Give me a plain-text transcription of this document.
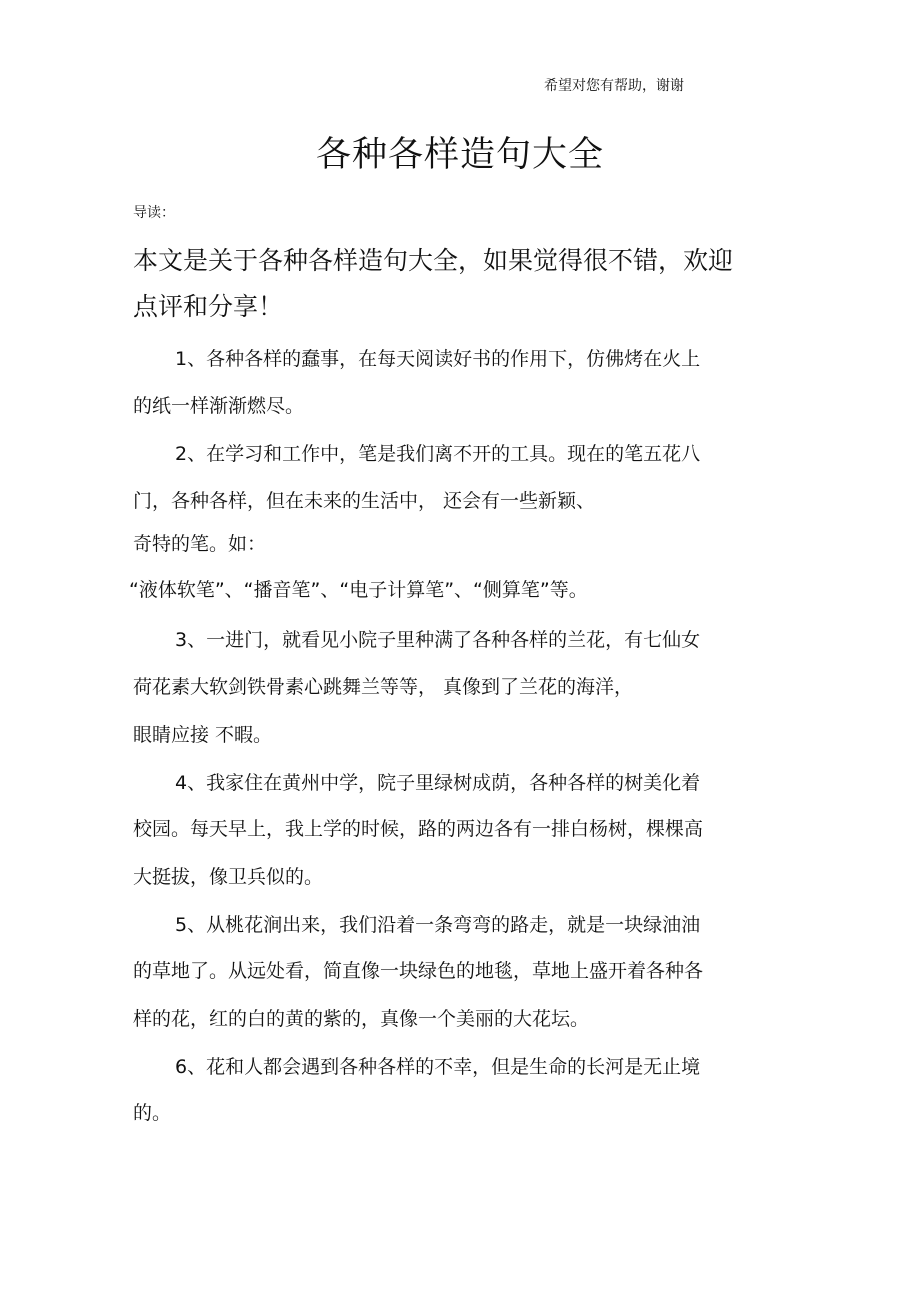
希望对您有帮助，谢谢
各种各样造句大全
导读：
本文是关于各种各样造句大全，如果觉得很不错，欢迎
点评和分享！
1、各种各样的蠢事，在每天阅读好书的作用下，仿佛烤在火上
的纸一样渐渐燃尽。
2、在学习和工作中，笔是我们离不开的工具。现在的笔五花八
门，各种各样，但在未来的生活中， 还会有一些新颖、
奇特的笔。如：
“液体软笔”、“播音笔”、“电子计算笔”、“侧算笔”等。
3、一进门，就看见小院子里种满了各种各样的兰花，有七仙女
荷花素大软剑铁骨素心跳舞兰等等， 真像到了兰花的海洋，
眼睛应接 不暇。
4、我家住在黄州中学，院子里绿树成荫，各种各样的树美化着
校园。每天早上，我上学的时候，路的两边各有一排白杨树，棵棵高
大挺拔，像卫兵似的。
5、从桃花涧出来，我们沿着一条弯弯的路走，就是一块绿油油
的草地了。从远处看，简直像一块绿色的地毯，草地上盛开着各种各
样的花，红的白的黄的紫的，真像一个美丽的大花坛。
6、花和人都会遇到各种各样的不幸，但是生命的长河是无止境
的。
